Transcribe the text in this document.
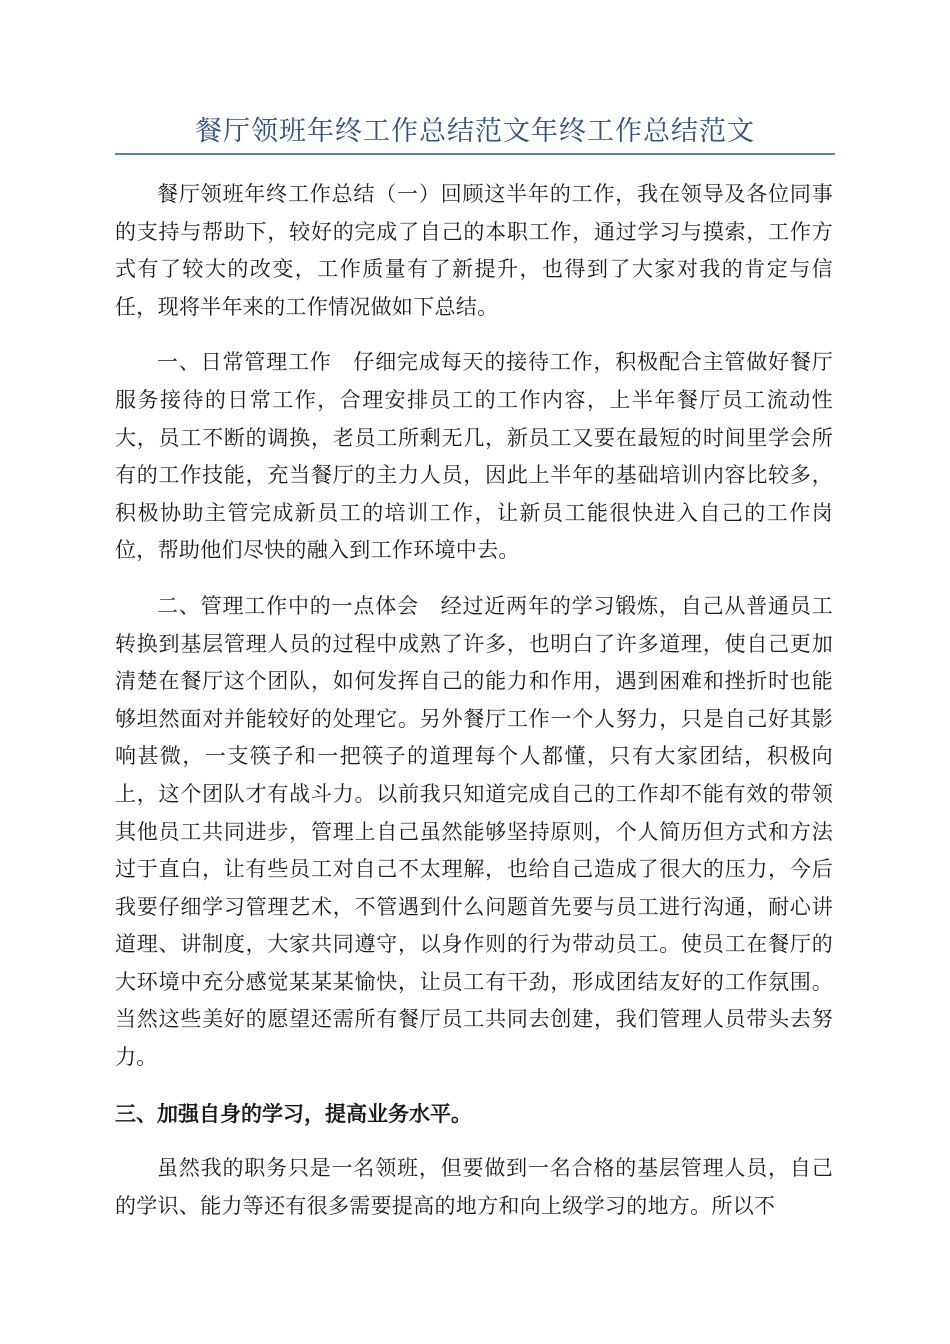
餐厅领班年终工作总结范文年终工作总结范文

餐厅领班年终工作总结（一）回顾这半年的工作，我在领导及各位同事的支持与帮助下，较好的完成了自己的本职工作，通过学习与摸索，工作方式有了较大的改变，工作质量有了新提升，也得到了大家对我的肯定与信任，现将半年来的工作情况做如下总结。

一、日常管理工作　仔细完成每天的接待工作，积极配合主管做好餐厅服务接待的日常工作，合理安排员工的工作内容，上半年餐厅员工流动性大，员工不断的调换，老员工所剩无几，新员工又要在最短的时间里学会所有的工作技能，充当餐厅的主力人员，因此上半年的基础培训内容比较多，积极协助主管完成新员工的培训工作，让新员工能很快进入自己的工作岗位，帮助他们尽快的融入到工作环境中去。

二、管理工作中的一点体会　经过近两年的学习锻炼，自己从普通员工转换到基层管理人员的过程中成熟了许多，也明白了许多道理，使自己更加清楚在餐厅这个团队，如何发挥自己的能力和作用，遇到困难和挫折时也能够坦然面对并能较好的处理它。另外餐厅工作一个人努力，只是自己好其影响甚微，一支筷子和一把筷子的道理每个人都懂，只有大家团结，积极向上，这个团队才有战斗力。以前我只知道完成自己的工作却不能有效的带领其他员工共同进步，管理上自己虽然能够坚持原则，个人简历但方式和方法过于直白，让有些员工对自己不太理解，也给自己造成了很大的压力，今后我要仔细学习管理艺术，不管遇到什么问题首先要与员工进行沟通，耐心讲道理、讲制度，大家共同遵守，以身作则的行为带动员工。使员工在餐厅的大环境中充分感觉某某某愉快，让员工有干劲，形成团结友好的工作氛围。当然这些美好的愿望还需所有餐厅员工共同去创建，我们管理人员带头去努力。

三、加强自身的学习，提高业务水平。

虽然我的职务只是一名领班，但要做到一名合格的基层管理人员，自己的学识、能力等还有很多需要提高的地方和向上级学习的地方。所以不
